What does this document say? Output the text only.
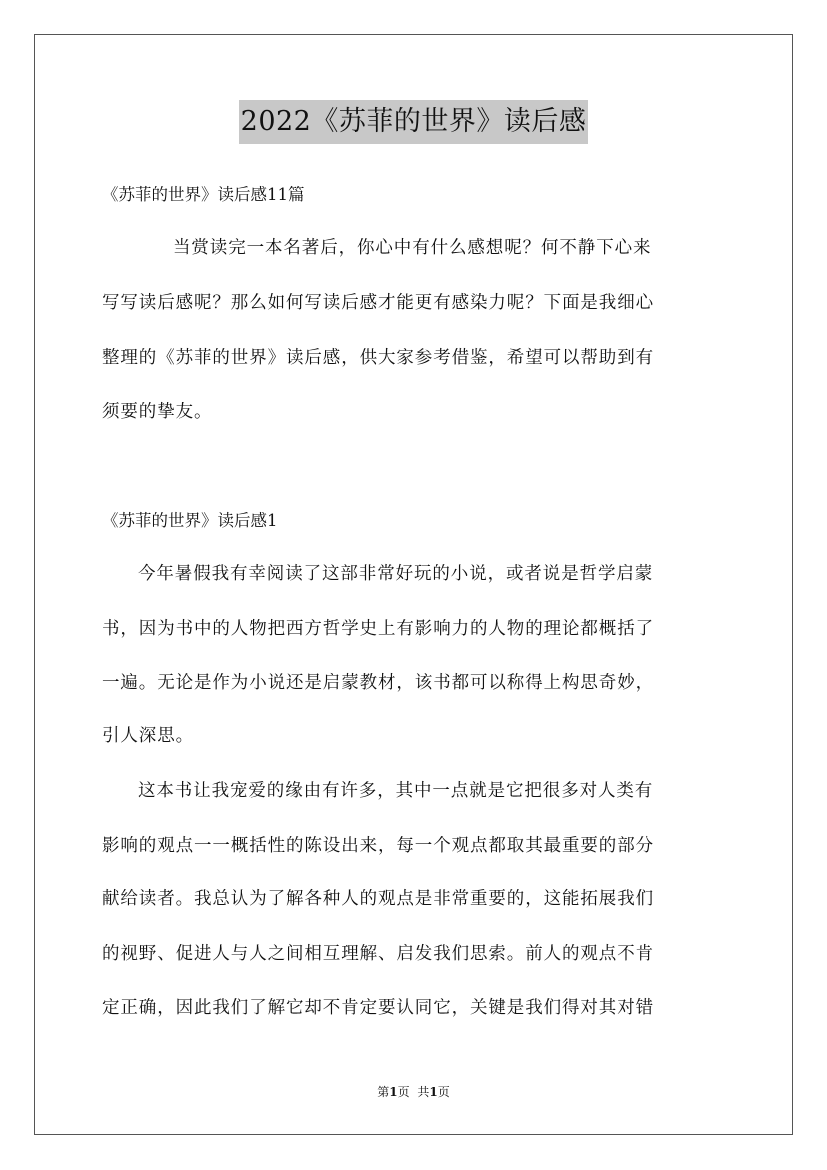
2022《苏菲的世界》读后感
《苏菲的世界》读后感11篇
当赏读完一本名著后，你心中有什么感想呢？何不静下心来
写写读后感呢？那么如何写读后感才能更有感染力呢？下面是我细心
整理的《苏菲的世界》读后感，供大家参考借鉴，希望可以帮助到有
须要的挚友。
《苏菲的世界》读后感1
今年暑假我有幸阅读了这部非常好玩的小说，或者说是哲学启蒙
书，因为书中的人物把西方哲学史上有影响力的人物的理论都概括了
一遍。无论是作为小说还是启蒙教材，该书都可以称得上构思奇妙，
引人深思。
这本书让我宠爱的缘由有许多，其中一点就是它把很多对人类有
影响的观点一一概括性的陈设出来，每一个观点都取其最重要的部分
献给读者。我总认为了解各种人的观点是非常重要的，这能拓展我们
的视野、促进人与人之间相互理解、启发我们思索。前人的观点不肯
定正确，因此我们了解它却不肯定要认同它，关键是我们得对其对错
第1页 共1页
